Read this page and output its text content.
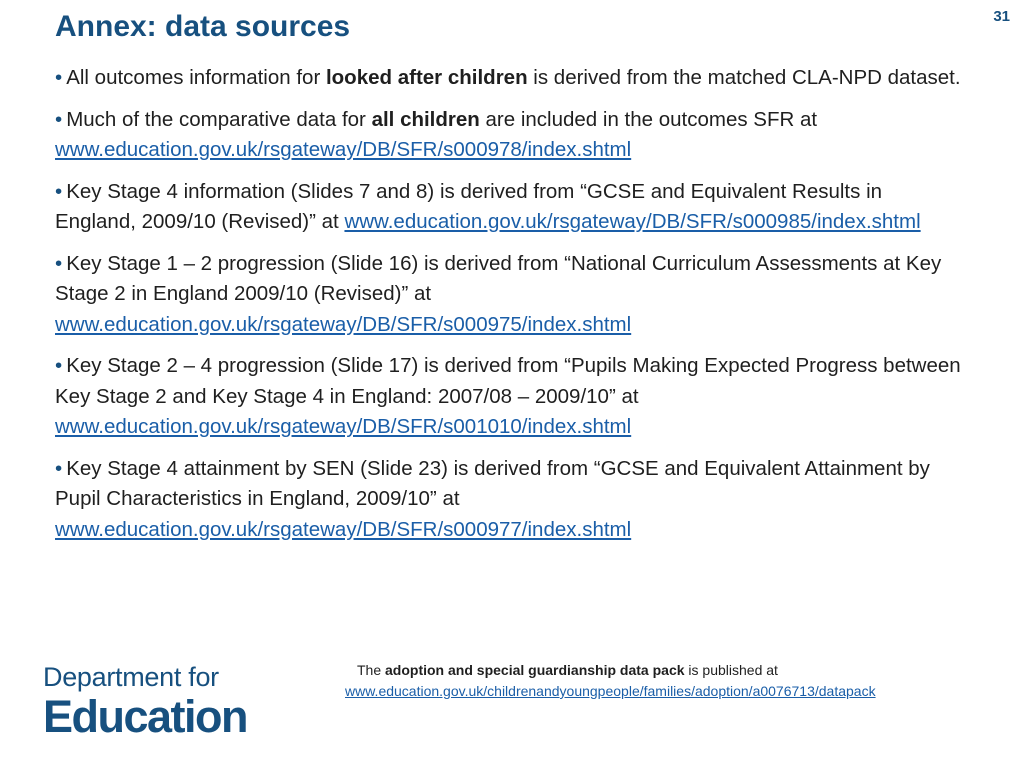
31
Annex: data sources

• All outcomes information for looked after children is derived from the matched CLA-NPD dataset.

• Much of the comparative data for all children are included in the outcomes SFR at www.education.gov.uk/rsgateway/DB/SFR/s000978/index.shtml

• Key Stage 4 information (Slides 7 and 8) is derived from “GCSE and Equivalent Results in England, 2009/10 (Revised)” at www.education.gov.uk/rsgateway/DB/SFR/s000985/index.shtml

• Key Stage 1 – 2 progression (Slide 16) is derived from “National Curriculum Assessments at Key Stage 2 in England 2009/10 (Revised)” at www.education.gov.uk/rsgateway/DB/SFR/s000975/index.shtml

• Key Stage 2 – 4 progression (Slide 17) is derived from “Pupils Making Expected Progress between Key Stage 2 and Key Stage 4 in England: 2007/08 – 2009/10” at www.education.gov.uk/rsgateway/DB/SFR/s001010/index.shtml

• Key Stage 4 attainment by SEN (Slide 23) is derived from “GCSE and Equivalent Attainment by Pupil Characteristics in England, 2009/10” at www.education.gov.uk/rsgateway/DB/SFR/s000977/index.shtml

Department for
Education
The adoption and special guardianship data pack is published at
www.education.gov.uk/childrenandyoungpeople/families/adoption/a0076713/datapack
